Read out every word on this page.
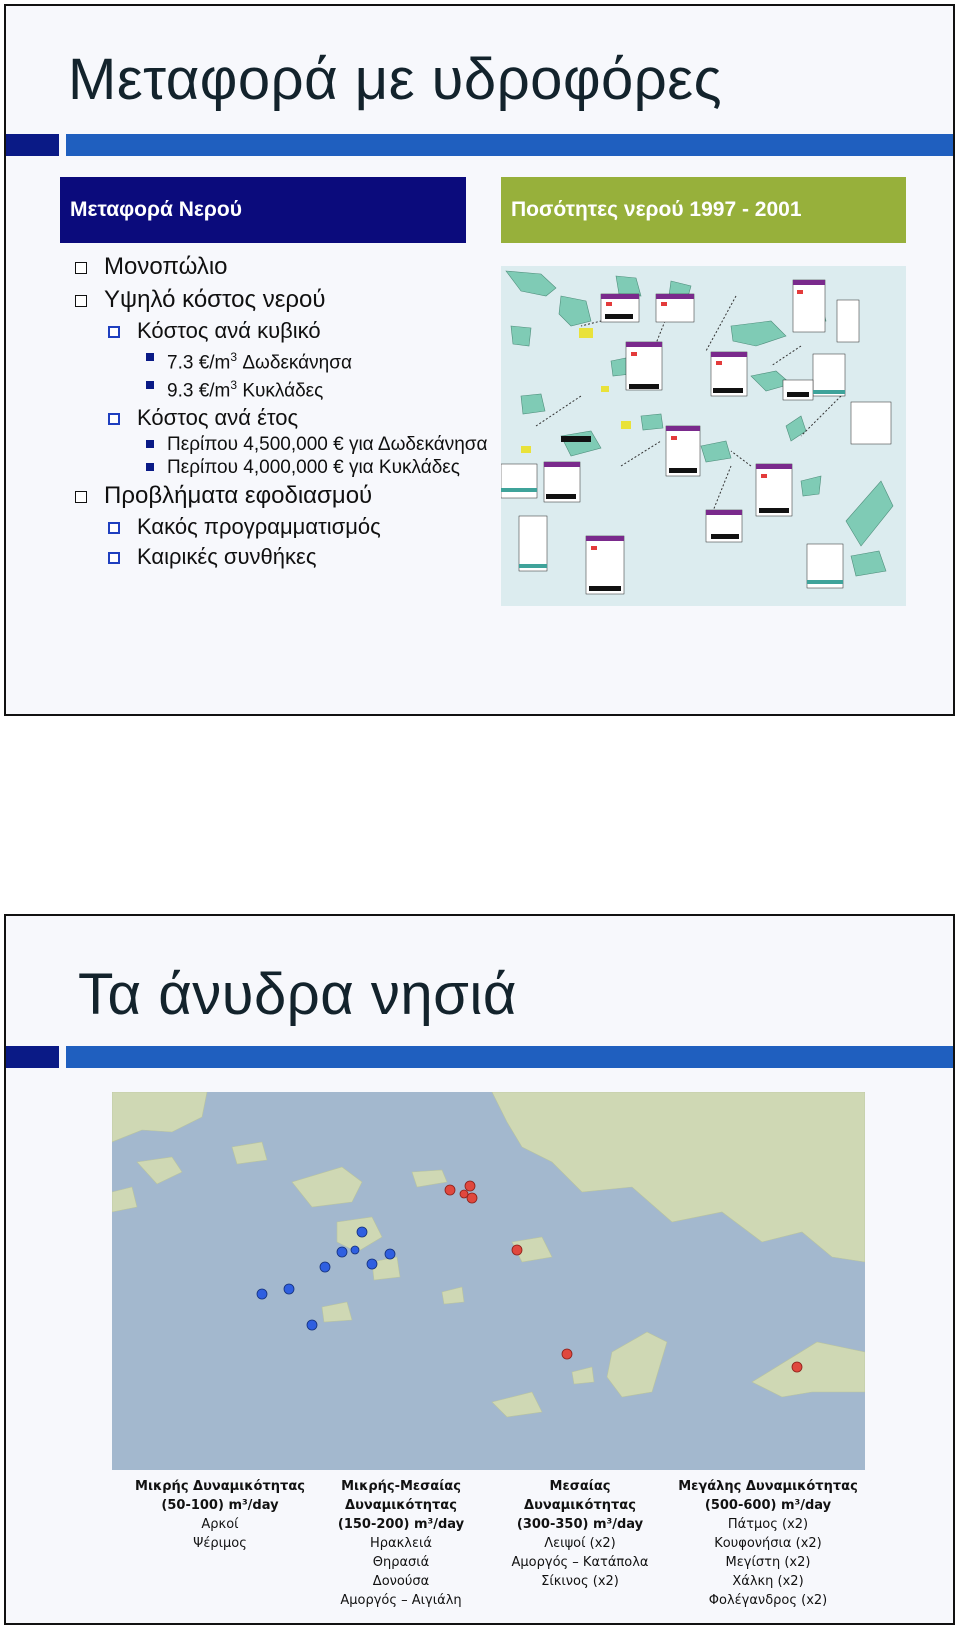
Μεταφορά με υδροφόρες
Μεταφορά Νερού	Ποσότητες νερού 1997 - 2001
Μονοπώλιο
Υψηλό κόστος νερού
Κόστος ανά κυβικό
7.3 $€/m^3$ Δωδεκάνησα
9.3 $€/m^3$ Κυκλάδες
Κόστος ανά έτος
Περίπου 4,500,000 € για Δωδεκάνησα
Περίπου 4,000,000 € για Κυκλάδες
Προβλήματα εφοδιασμού
Κακός προγραμματισμός
Καιρικές συνθήκες
Τα άνυδρα νησιά
Μικρής Δυναμικότητας
(50-100) m³/day
Αρκοί
Ψέριμος
Μικρής-Μεσαίας
Δυναμικότητας
(150-200) m³/day
Ηρακλειά
Θηρασιά
Δονούσα
Αμοργός – Αιγιάλη
Μεσαίας Δυναμικότητας
(300-350) m³/day
Λειψοί (x2)
Αμοργός – Κατάπολα
Σίκινος (x2)
Μεγάλης Δυναμικότητας
(500-600) m³/day
Πάτμος (x2)
Κουφονήσια (x2)
Μεγίστη (x2)
Χάλκη (x2)
Φολέγανδρος (x2)
